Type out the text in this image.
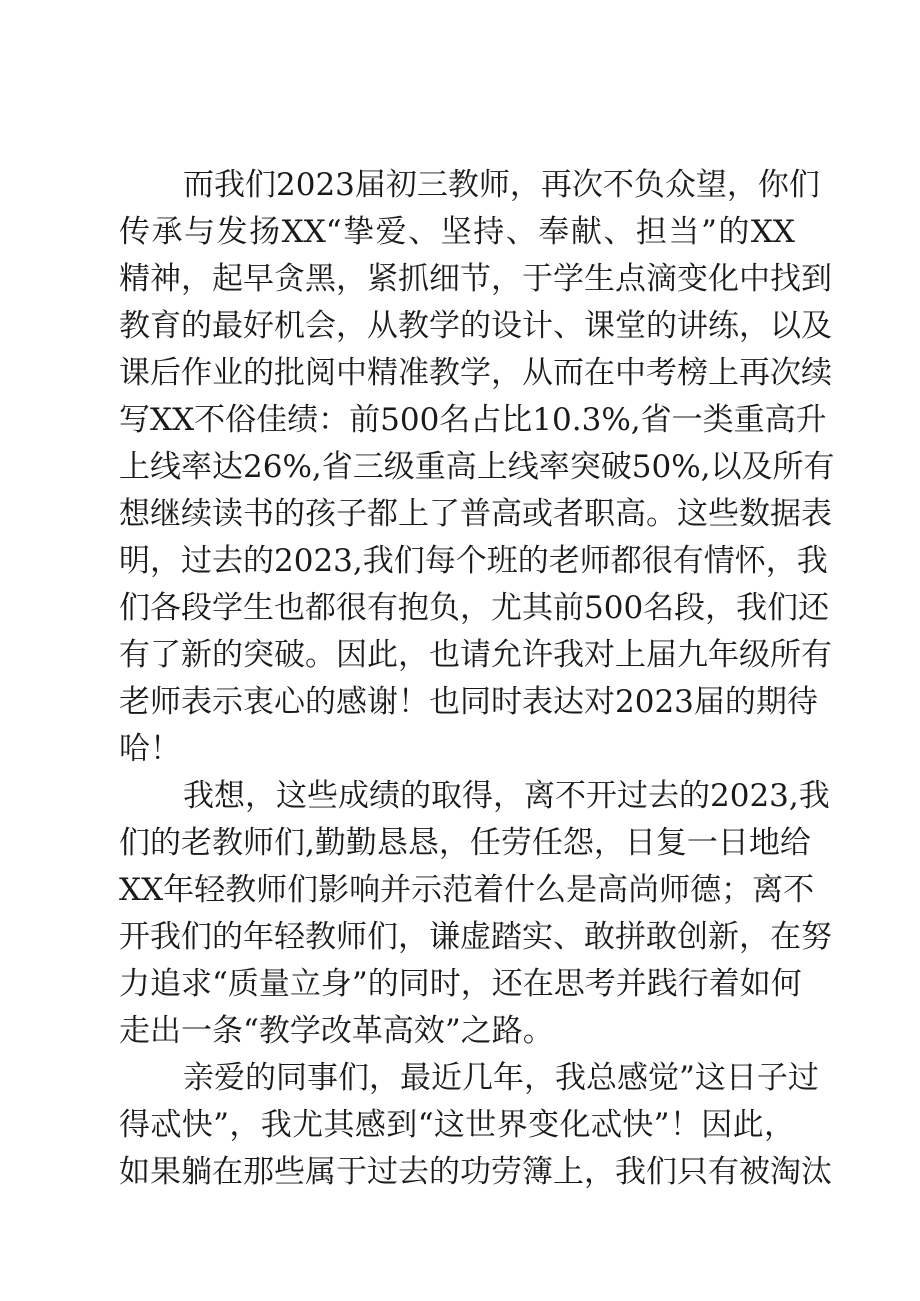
而我们2023届初三教师，再次不负众望，你们
传承与发扬XX“挚爱、坚持、奉献、担当”的XX
精神，起早贪黑，紧抓细节，于学生点滴变化中找到
教育的最好机会，从教学的设计、课堂的讲练，以及
课后作业的批阅中精准教学，从而在中考榜上再次续
写XX不俗佳绩：前500名占比10.3%,省一类重高升
上线率达26%,省三级重高上线率突破50%,以及所有
想继续读书的孩子都上了普高或者职高。这些数据表
明，过去的2023,我们每个班的老师都很有情怀，我
们各段学生也都很有抱负，尤其前500名段，我们还
有了新的突破。因此，也请允许我对上届九年级所有
老师表示衷心的感谢！也同时表达对2023届的期待
哈！
我想，这些成绩的取得，离不开过去的2023,我
们的老教师们,勤勤恳恳，任劳任怨，日复一日地给
XX年轻教师们影响并示范着什么是高尚师德；离不
开我们的年轻教师们，谦虚踏实、敢拼敢创新，在努
力追求“质量立身”的同时，还在思考并践行着如何
走出一条“教学改革高效”之路。
亲爱的同事们，最近几年，我总感觉”这日子过
得忒快”，我尤其感到“这世界变化忒快”！因此，
如果躺在那些属于过去的功劳簿上，我们只有被淘汰
